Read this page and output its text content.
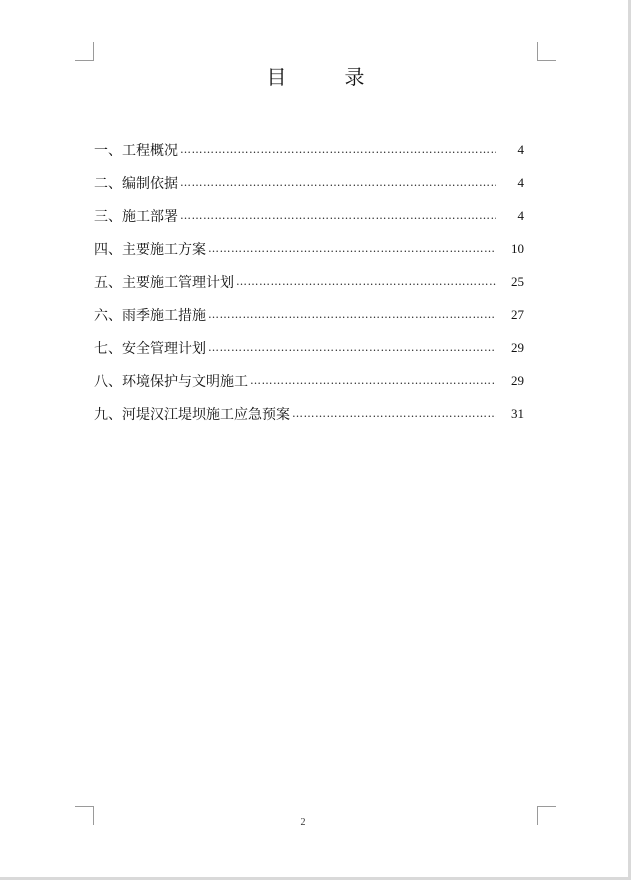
目	录
一、工程概况 ……………………………………………………………………………………………………………	4
二、编制依据 ……………………………………………………………………………………………………………	4
三、施工部署 ……………………………………………………………………………………………………………	4
四、主要施工方案 ……………………………………………………………………………………………………………	10
五、主要施工管理计划 ……………………………………………………………………………………………………………	25
六、雨季施工措施 ……………………………………………………………………………………………………………	27
七、安全管理计划 ……………………………………………………………………………………………………………	29
八、环境保护与文明施工 ……………………………………………………………………………………………………………	29
九、河堤汉江堤坝施工应急预案 ……………………………………………………………………………………………………………	31
2
